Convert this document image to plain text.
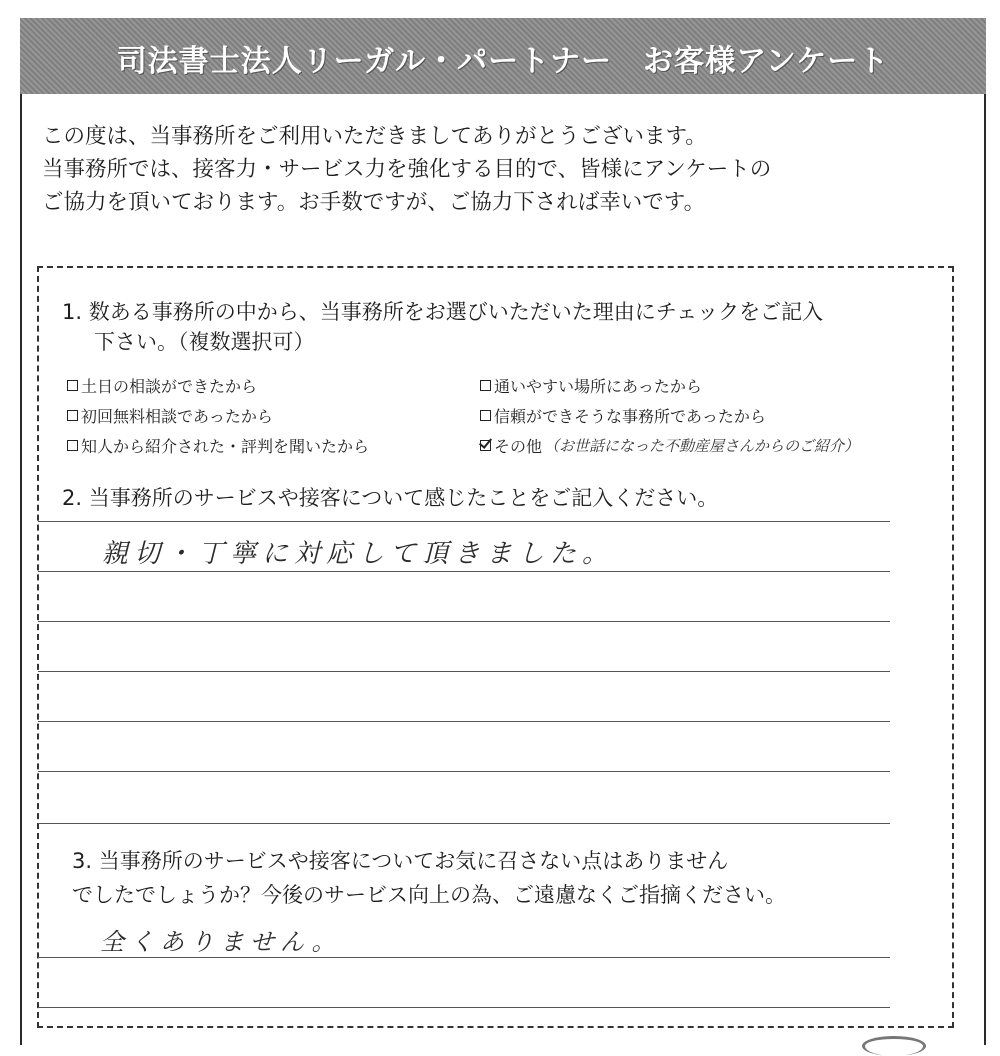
司法書士法人リーガル・パートナー　お客様アンケート
この度は、当事務所をご利用いただきましてありがとうございます。
当事務所では、接客力・サービス力を強化する目的で、皆様にアンケートの
ご協力を頂いております。お手数ですが、ご協力下されば幸いです。
1. 数ある事務所の中から、当事務所をお選びいただいた理由にチェックをご記入
下さい。（複数選択可）
土日の相談ができたから	通いやすい場所にあったから
初回無料相談であったから	信頼ができそうな事務所であったから
知人から紹介された・評判を聞いたから	その他 （お世話になった不動産屋さんからのご紹介）
2. 当事務所のサービスや接客について感じたことをご記入ください。
親切・丁寧に対応して頂きました。
3. 当事務所のサービスや接客についてお気に召さない点はありません
でしたでしょうか？今後のサービス向上の為、ご遠慮なくご指摘ください。
全くありません。
